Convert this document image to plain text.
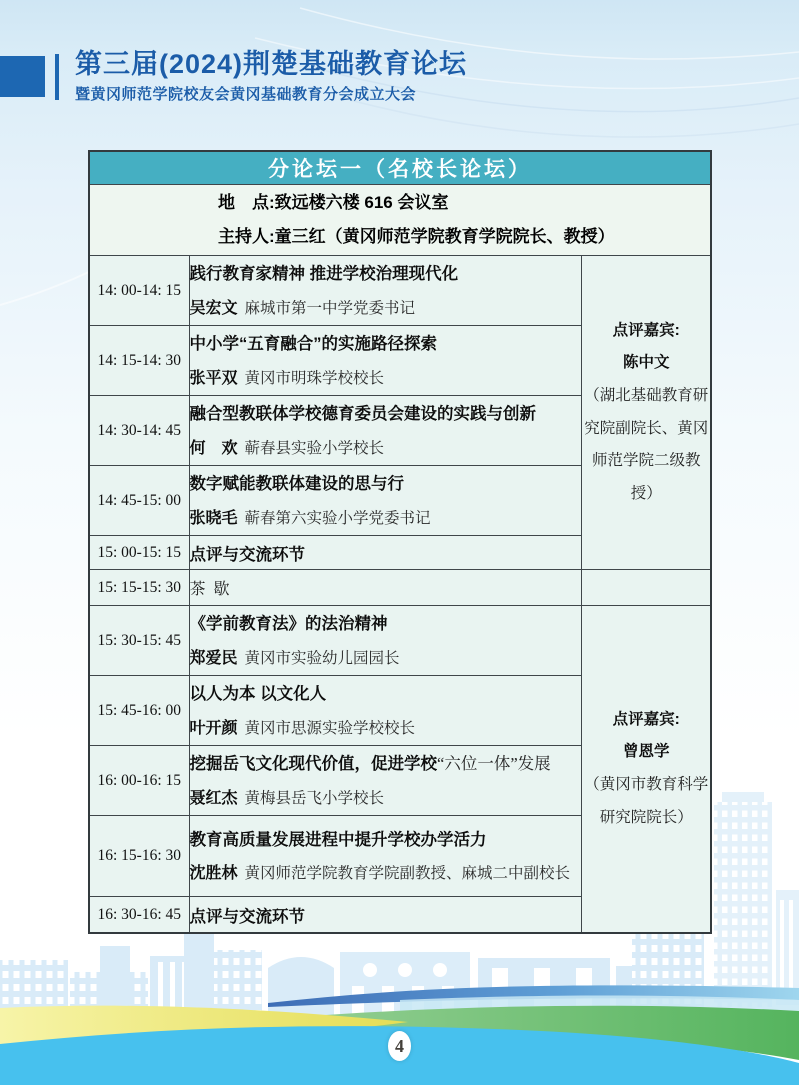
第三届(2024)荆楚基础教育论坛
暨黄冈师范学院校友会黄冈基础教育分会成立大会
分论坛一（名校长论坛）		

地　点:致远楼六楼 616 会议室
主持人:童三红（黄冈师范学院教育学院院长、教授）		

14: 00-14: 15	
践行教育家精神 推进学校治理现代化
吴宏文 麻城市第一中学党委书记

点评嘉宾:
陈中文
（湖北基础教育研究院副院长、黄冈师范学院二级教授）

14: 15-14: 30	中小学“五育融合”的实施路径探索
张平双 黄冈市明珠学校校长	

14: 30-14: 45	融合型教联体学校德育委员会建设的实践与创新
何　欢 蕲春县实验小学校长	

14: 45-15: 00	数字赋能教联体建设的思与行
张晓毛 蕲春第六实验小学党委书记	

15: 00-15: 15	点评与交流环节	

15: 15-15: 30	茶 歇	

15: 30-15: 45	
《学前教育法》的法治精神
郑爱民 黄冈市实验幼儿园园长

点评嘉宾:
曾恩学
（黄冈市教育科学研究院院长）

15: 45-16: 00	以人为本 以文化人
叶开颜 黄冈市思源实验学校校长	

16: 00-16: 15	挖掘岳飞文化现代价值，促进学校“六位一体”发展
聂红杰 黄梅县岳飞小学校长	

16: 15-16: 30	教育高质量发展进程中提升学校办学活力
沈胜林 黄冈师范学院教育学院副教授、麻城二中副校长	

16: 30-16: 45	点评与交流环节	
4
